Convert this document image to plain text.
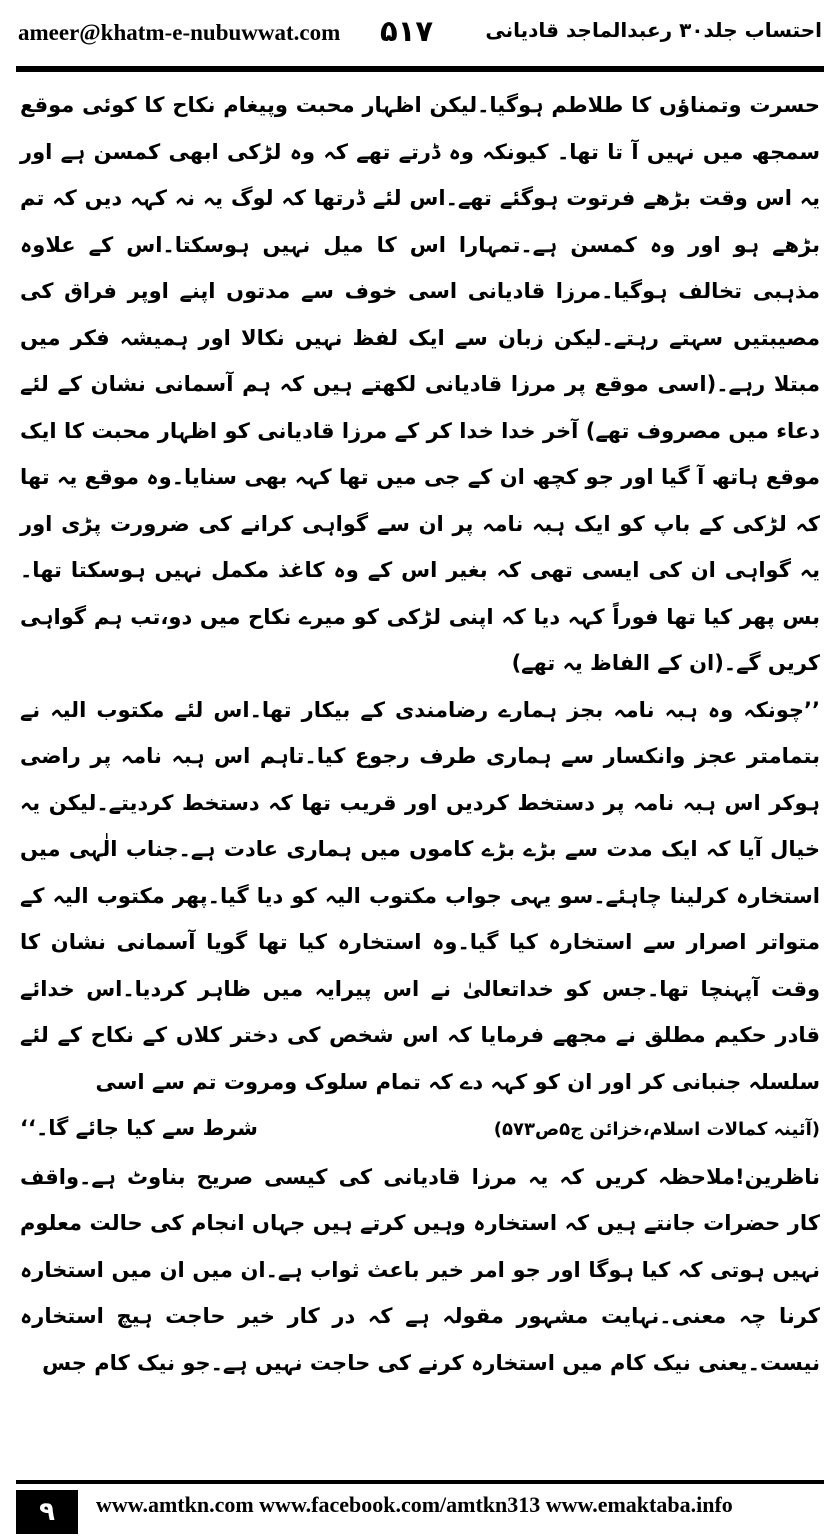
ameer@khatm-e-nubuwwat.com ۵۱۷	احتساب جلد۳۰ رعبدالماجد قادیانی

حسرت وتمناؤں کا طلاطم ہوگیا۔لیکن اظہار محبت وپیغام نکاح کا کوئی موقع سمجھ میں نہیں آ تا تھا۔ کیونکہ وہ ڈرتے تھے کہ وہ لڑکی ابھی کمسن ہے اور یہ اس وقت بڑھے فرتوت ہوگئے تھے۔اس لئے ڈرتھا کہ لوگ یہ نہ کہہ دیں کہ تم بڑھے ہو اور وہ کمسن ہے۔تمہارا اس کا میل نہیں ہوسکتا۔اس کے علاوہ مذہبی تخالف ہوگیا۔مرزا قادیانی اسی خوف سے مدتوں اپنے اوپر فراق کی مصیبتیں سہتے رہتے۔لیکن زبان سے ایک لفظ نہیں نکالا اور ہمیشہ فکر میں مبتلا رہے۔(اسی موقع پر مرزا قادیانی لکھتے ہیں کہ ہم آسمانی نشان کے لئے دعاء میں مصروف تھے) آخر خدا خدا کر کے مرزا قادیانی کو اظہار محبت کا ایک موقع ہاتھ آ گیا اور جو کچھ ان کے جی میں تھا کہہ بھی سنایا۔وہ موقع یہ تھا کہ لڑکی کے باپ کو ایک ہبہ نامہ پر ان سے گواہی کرانے کی ضرورت پڑی اور یہ گواہی ان کی ایسی تھی کہ بغیر اس کے وہ کاغذ مکمل نہیں ہوسکتا تھا۔بس پھر کیا تھا فوراً کہہ دیا کہ اپنی لڑکی کو میرے نکاح میں دو،تب ہم گواہی کریں گے۔(ان کے الفاظ یہ تھے)

’’چونکہ وہ ہبہ نامہ بجز ہمارے رضامندی کے بیکار تھا۔اس لئے مکتوب الیہ نے بتمامتر عجز وانکسار سے ہماری طرف رجوع کیا۔تاہم اس ہبہ نامہ پر راضی ہوکر اس ہبہ نامہ پر دستخط کردیں اور قریب تھا کہ دستخط کردیتے۔لیکن یہ خیال آیا کہ ایک مدت سے بڑے بڑے کاموں میں ہماری عادت ہے۔جناب الٰہی میں استخارہ کرلینا چاہئے۔سو یہی جواب مکتوب الیہ کو دیا گیا۔پھر مکتوب الیہ کے متواتر اصرار سے استخارہ کیا گیا۔وہ استخارہ کیا تھا گویا آسمانی نشان کا وقت آپہنچا تھا۔جس کو خداتعالیٰ نے اس پیرایہ میں ظاہر کردیا۔اس خدائے قادر حکیم مطلق نے مجھے فرمایا کہ اس شخص کی دختر کلاں کے نکاح کے لئے سلسلہ جنبانی کر اور ان کو کہہ دے کہ تمام سلوک ومروت تم سے اسی

شرط سے کیا جائے گا۔‘‘	(آئینہ کمالات اسلام،خزائن ج۵ص۵۷۳)

ناظرین!ملاحظہ کریں کہ یہ مرزا قادیانی کی کیسی صریح بناوٹ ہے۔واقف کار حضرات جانتے ہیں کہ استخارہ وہیں کرتے ہیں جہاں انجام کی حالت معلوم نہیں ہوتی کہ کیا ہوگا اور جو امر خیر باعث ثواب ہے۔ان میں ان میں استخارہ کرنا چہ معنی۔نہایت مشہور مقولہ ہے کہ در کار خیر حاجت ہیچ استخارہ نیست۔یعنی نیک کام میں استخارہ کرنے کی حاجت نہیں ہے۔جو نیک کام جس

۹	www.amtkn.com www.facebook.com/amtkn313 www.emaktaba.info
